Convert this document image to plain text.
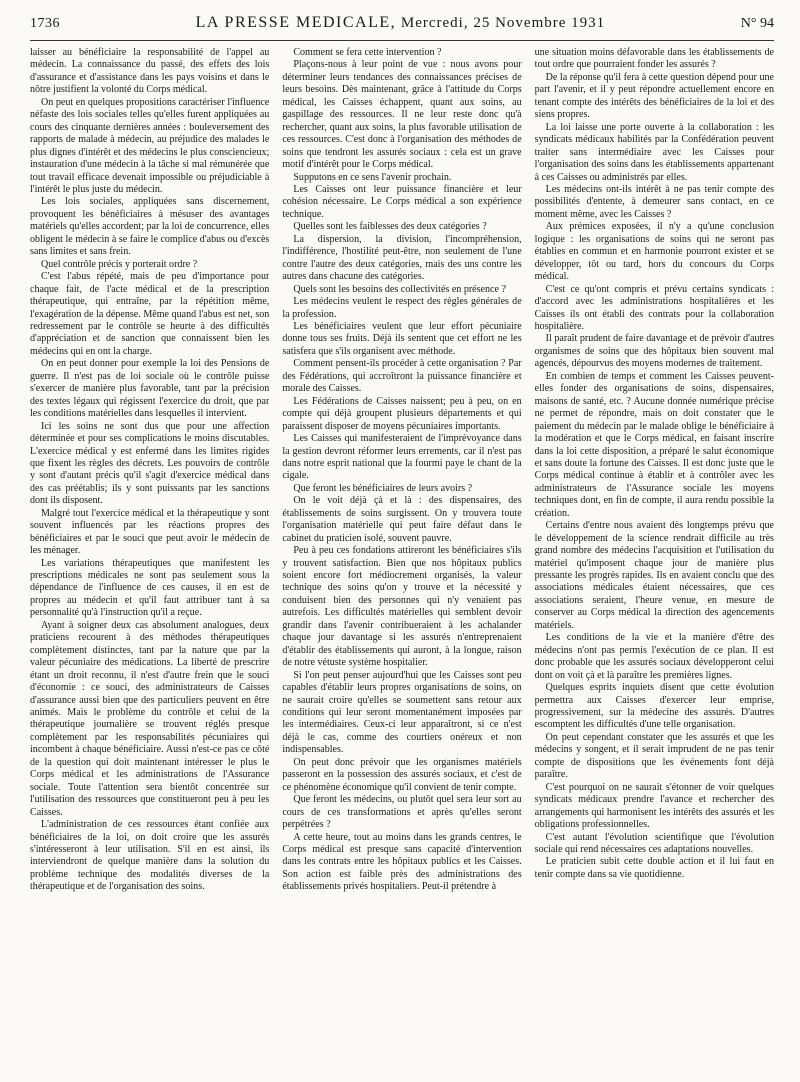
1736	LA PRESSE MEDICALE, Mercredi, 25 Novembre 1931	N° 94

laisser au bénéficiaire la responsabilité de l'appel au médecin. La connaissance du passé, des effets des lois d'assurance et d'assistance dans les pays voisins et dans le nôtre justifient la volonté du Corps médical.

On peut en quelques propositions caractériser l'influence néfaste des lois sociales telles qu'elles furent appliquées au cours des cinquante dernières années : bouleversement des rapports de malade à médecin, au préjudice des malades le plus dignes d'intérêt et des médecins le plus consciencieux; instauration d'une médecin à la tâche si mal rémunérée que tout travail efficace devenait impossible ou préjudiciable à l'intérêt le plus juste du médecin.

Les lois sociales, appliquées sans discernement, provoquent les bénéficiaires à mésuser des avantages matériels qu'elles accordent; par la loi de concurrence, elles obligent le médecin à se faire le complice d'abus ou d'excès sans limites et sans frein.

Quel contrôle précis y porterait ordre ?

C'est l'abus répété, mais de peu d'importance pour chaque fait, de l'acte médical et de la prescription thérapeutique, qui entraîne, par la répétition même, l'exagération de la dépense. Même quand l'abus est net, son redressement par le contrôle se heurte à des difficultés d'appréciation et de sanction que connaissent bien les médecins qui en ont la charge.

On en peut donner pour exemple la loi des Pensions de guerre. Il n'est pas de loi sociale où le contrôle puisse s'exercer de manière plus favorable, tant par la précision des textes légaux qui régissent l'exercice du droit, que par les conditions matérielles dans lesquelles il intervient.

Ici les soins ne sont dus que pour une affection déterminée et pour ses complications le moins discutables. L'exercice médical y est enfermé dans les limites rigides que fixent les règles des décrets. Les pouvoirs de contrôle y sont d'autant précis qu'il s'agit d'exercice médical dans des cas préétablis; ils y sont puissants par les sanctions dont ils disposent.

Malgré tout l'exercice médical et la thérapeutique y sont souvent influencés par les réactions propres des bénéficiaires et par le souci que peut avoir le médecin de les ménager.

Les variations thérapeutiques que manifestent les prescriptions médicales ne sont pas seulement sous la dépendance de l'influence de ces causes, il en est de propres au médecin et qu'il faut attribuer tant à sa personnalité qu'à l'instruction qu'il a reçue.

Ayant à soigner deux cas absolument analogues, deux praticiens recourent à des méthodes thérapeutiques complètement distinctes, tant par la nature que par la valeur pécuniaire des médications. La liberté de prescrire étant un droit reconnu, il n'est d'autre frein que le souci d'économie : ce souci, des administrateurs de Caisses d'assurance aussi bien que des particuliers peuvent en être animés. Mais le problème du contrôle et celui de la thérapeutique journalière se trouvent réglés presque complètement par les responsabilités pécuniaires qui incombent à chaque bénéficiaire. Aussi n'est-ce pas ce côté de la question qui doit maintenant intéresser le plus le Corps médical et les administrations de l'Assurance sociale. Toute l'attention sera bientôt concentrée sur l'utilisation des ressources que constitueront peu à peu les Caisses.

L'administration de ces ressources étant confiée aux bénéficiaires de la loi, on doit croire que les assurés s'intéresseront à leur utilisation. S'il en est ainsi, ils interviendront de quelque manière dans la solution du problème technique des modalités diverses de la thérapeutique et de l'organisation des soins.

Comment se fera cette intervention ?

Plaçons-nous à leur point de vue : nous avons pour déterminer leurs tendances des connaissances précises de leurs besoins. Dès maintenant, grâce à l'attitude du Corps médical, les Caisses échappent, quant aux soins, au gaspillage des ressources. Il ne leur reste donc qu'à rechercher, quant aux soins, la plus favorable utilisation de ces ressources. C'est donc à l'organisation des méthodes de soins que tendront les assurés sociaux : cela est un grave motif d'intérêt pour le Corps médical.

Supputons en ce sens l'avenir prochain.

Les Caisses ont leur puissance financière et leur cohésion nécessaire. Le Corps médical a son expérience technique.

Quelles sont les faiblesses des deux catégories ?

La dispersion, la division, l'incompréhension, l'indifférence, l'hostilité peut-être, non seulement de l'une contre l'autre des deux catégories, mais des uns contre les autres dans chacune des catégories.

Quels sont les besoins des collectivités en présence ?

Les médecins veulent le respect des règles générales de la profession.

Les bénéficiaires veulent que leur effort pécuniaire donne tous ses fruits. Déjà ils sentent que cet effort ne les satisfera que s'ils organisent avec méthode.

Comment pensent-ils procéder à cette organisation ? Par des Fédérations, qui accroîtront la puissance financière et morale des Caisses.

Les Fédérations de Caisses naissent; peu à peu, on en compte qui déjà groupent plusieurs départements et qui paraissent disposer de moyens pécuniaires importants.

Les Caisses qui manifesteraient de l'imprévoyance dans la gestion devront réformer leurs errements, car il n'est pas dans notre esprit national que la fourmi paye le chant de la cigale.

Que feront les bénéficiaires de leurs avoirs ?

On le voit déjà çà et là : des dispensaires, des établissements de soins surgissent. On y trouvera toute l'organisation matérielle qui peut faire défaut dans le cabinet du praticien isolé, souvent pauvre.

Peu à peu ces fondations attireront les bénéficiaires s'ils y trouvent satisfaction. Bien que nos hôpitaux publics soient encore fort médiocrement organisés, la valeur technique des soins qu'on y trouve et la nécessité y conduisent bien des personnes qui n'y venaient pas autrefois. Les difficultés matérielles qui semblent devoir grandir dans l'avenir contribueraient à les achalander chaque jour davantage si les assurés n'entreprenaient d'établir des établissements qui auront, à la longue, raison de notre vétuste système hospitalier.

Si l'on peut penser aujourd'hui que les Caisses sont peu capables d'établir leurs propres organisations de soins, on ne saurait croire qu'elles se soumettent sans retour aux conditions qui leur seront momentanément imposées par les intermédiaires. Ceux-ci leur apparaîtront, si ce n'est déjà le cas, comme des courtiers onéreux et non indispensables.

On peut donc prévoir que les organismes matériels passeront en la possession des assurés sociaux, et c'est de ce phénomène économique qu'il convient de tenir compte.

Que feront les médecins, ou plutôt quel sera leur sort au cours de ces transformations et après qu'elles seront perpétrées ?

A cette heure, tout au moins dans les grands centres, le Corps médical est presque sans capacité d'intervention dans les contrats entre les hôpitaux publics et les Caisses. Son action est faible près des administrations des établissements privés hospitaliers. Peut-il prétendre à

une situation moins défavorable dans les établissements de tout ordre que pourraient fonder les assurés ?

De la réponse qu'il fera à cette question dépend pour une part l'avenir, et il y peut répondre actuellement encore en tenant compte des intérêts des bénéficiaires de la loi et des siens propres.

La loi laisse une porte ouverte à la collaboration : les syndicats médicaux habilités par la Confédération peuvent traiter sans intermédiaire avec les Caisses pour l'organisation des soins dans les établissements appartenant à ces Caisses ou administrés par elles.

Les médecins ont-ils intérêt à ne pas tenir compte des possibilités d'entente, à demeurer sans contact, en ce moment même, avec les Caisses ?

Aux prémices exposées, il n'y a qu'une conclusion logique : les organisations de soins qui ne seront pas établies en commun et en harmonie pourront exister et se développer, tôt ou tard, hors du concours du Corps médical.

C'est ce qu'ont compris et prévu certains syndicats : d'accord avec les administrations hospitalières et les Caisses ils ont établi des contrats pour la collaboration hospitalière.

Il paraît prudent de faire davantage et de prévoir d'autres organismes de soins que des hôpitaux bien souvent mal agencés, dépourvus des moyens modernes de traitement.

En combien de temps et comment les Caisses peuvent-elles fonder des organisations de soins, dispensaires, maisons de santé, etc. ? Aucune donnée numérique précise ne permet de répondre, mais on doit constater que le paiement du médecin par le malade oblige le bénéficiaire à la modération et que le Corps médical, en faisant inscrire dans la loi cette disposition, a préparé le salut économique et sans doute la fortune des Caisses. Il est donc juste que le Corps médical continue à établir et à contrôler avec les administrateurs de l'Assurance sociale les moyens techniques dont, en fin de compte, il aura rendu possible la création.

Certains d'entre nous avaient dès longtemps prévu que le développement de la science rendrait difficile au très grand nombre des médecins l'acquisition et l'utilisation du matériel qu'imposent chaque jour de manière plus pressante les progrès rapides. Ils en avaient conclu que des associations médicales étaient nécessaires, que ces associations seraient, l'heure venue, en mesure de conserver au Corps médical la direction des agencements matériels.

Les conditions de la vie et la manière d'être des médecins n'ont pas permis l'exécution de ce plan. Il est donc probable que les assurés sociaux développeront celui dont on voit çà et là paraître les premières lignes.

Quelques esprits inquiets disent que cette évolution permettra aux Caisses d'exercer leur emprise, progressivement, sur la médecine des assurés. D'autres escomptent les difficultés d'une telle organisation.

On peut cependant constater que les assurés et que les médecins y songent, et il serait imprudent de ne pas tenir compte de dispositions que les événements font déjà paraître.

C'est pourquoi on ne saurait s'étonner de voir quelques syndicats médicaux prendre l'avance et rechercher des arrangements qui harmonisent les intérêts des assurés et les obligations professionnelles.

C'est autant l'évolution scientifique que l'évolution sociale qui rend nécessaires ces adaptations nouvelles.

Le praticien subit cette double action et il lui faut en tenir compte dans sa vie quotidienne.
